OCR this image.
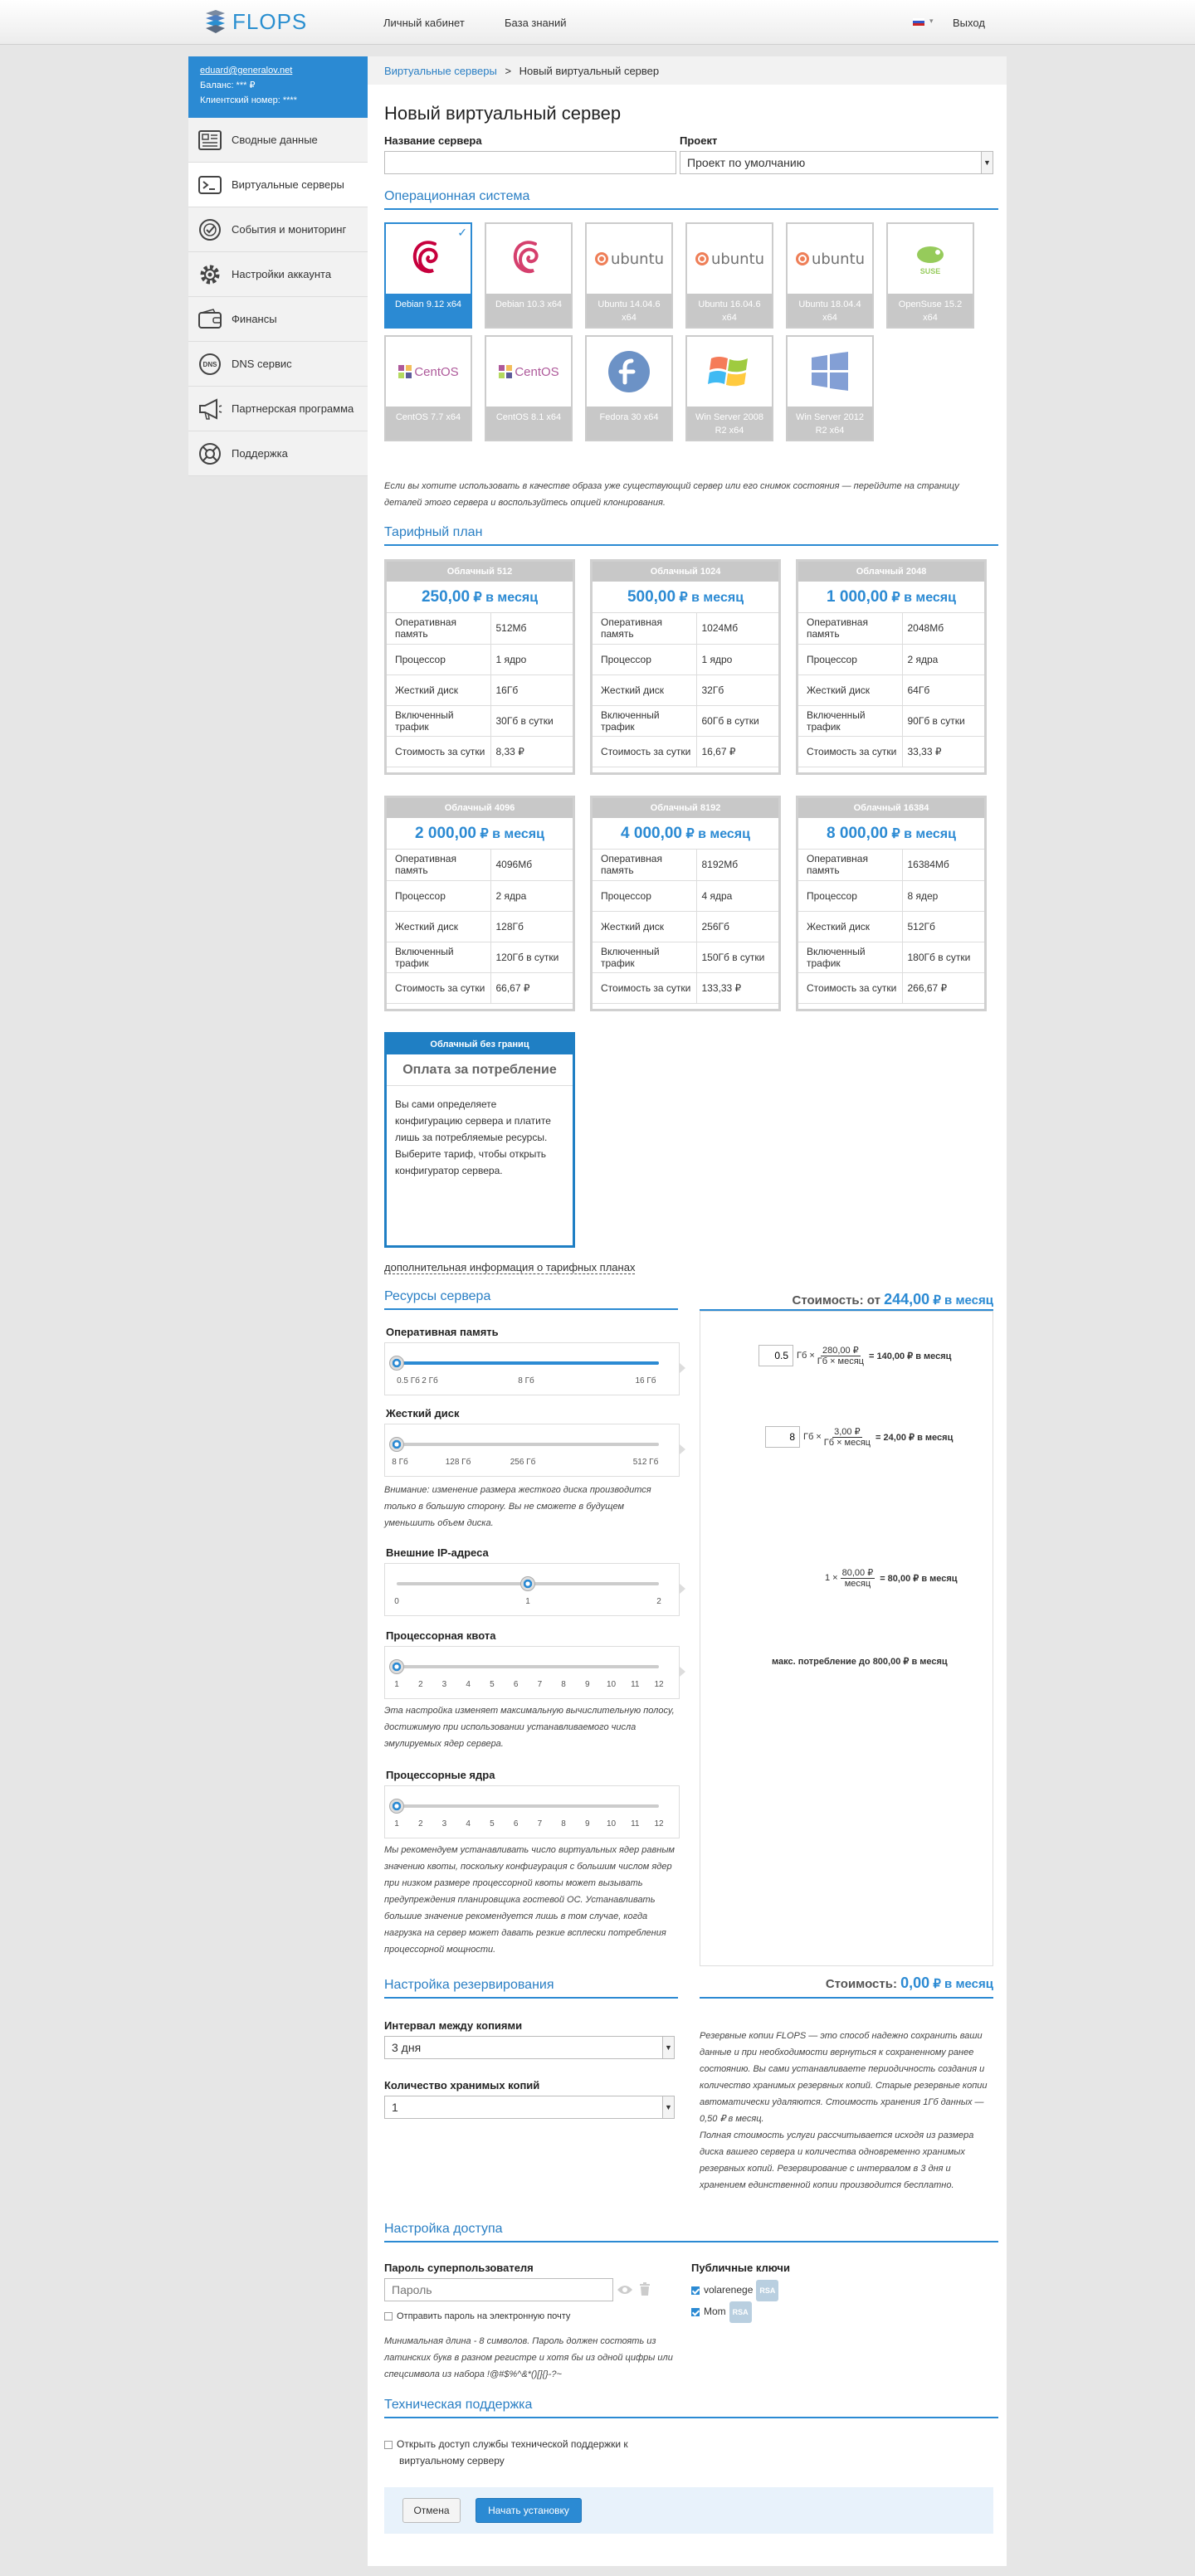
FLOPS	Личный кабинет	База знаний	▾ Выход
eduard@generalov.net
Баланс: *** ₽
Клиентский номер: ****
Сводные данные
Виртуальные серверы
События и мониторинг
Настройки аккаунта
Финансы
DNS DNS сервис
Партнерская программа
Поддержка
Виртуальные серверы > Новый виртуальный сервер
Новый виртуальный сервер
Название сервера	Проект
Проект по умолчанию	▼
Операционная система
Debian 9.12 x64
✓
Debian 10.3 x64
ubuntu
Ubuntu 14.04.6
x64
ubuntu
Ubuntu 16.04.6
x64
ubuntu
Ubuntu 18.04.4
x64
SUSE
OpenSuse 15.2
x64
CentOS
CentOS 7.7 x64
CentOS
CentOS 8.1 x64	Fedora 30 x64	Win Server 2008
R2 x64
Win Server 2012
R2 x64
Если вы хотите использовать в качестве образа уже существующий сервер или его снимок состояния — перейдите на страницу деталей этого сервера и воспользуйтесь опцией клонирования.
Тарифный план
Облачный 512
250,00 ₽ в месяц
Оперативная память	512Мб
Процессор	1 ядро
Жесткий диск	16Гб
Включенный трафик	30Гб в сутки
Стоимость за сутки	8,33 ₽
Облачный 1024
500,00 ₽ в месяц
Оперативная память	1024Мб
Процессор	1 ядро
Жесткий диск	32Гб
Включенный трафик	60Гб в сутки
Стоимость за сутки	16,67 ₽
Облачный 2048
1 000,00 ₽ в месяц
Оперативная память	2048Мб
Процессор	2 ядра
Жесткий диск	64Гб
Включенный трафик	90Гб в сутки
Стоимость за сутки	33,33 ₽
Облачный 4096
2 000,00 ₽ в месяц
Оперативная память	4096Мб
Процессор	2 ядра
Жесткий диск	128Гб
Включенный трафик	120Гб в сутки
Стоимость за сутки	66,67 ₽
Облачный 8192
4 000,00 ₽ в месяц
Оперативная память	8192Мб
Процессор	4 ядра
Жесткий диск	256Гб
Включенный трафик	150Гб в сутки
Стоимость за сутки	133,33 ₽
Облачный 16384
8 000,00 ₽ в месяц
Оперативная память	16384Мб
Процессор	8 ядер
Жесткий диск	512Гб
Включенный трафик	180Гб в сутки
Стоимость за сутки	266,67 ₽
Облачный без границ
Оплата за потребление
Вы сами определяете конфигурацию сервера и платите лишь за потребляемые ресурсы. Выберите тариф, чтобы открыть конфигуратор сервера.
дополнительная информация о тарифных планах
Ресурсы сервера	Стоимость: от 244,00 ₽ в месяц
Оперативная память
0.5 Гб 2 Гб	8 Гб	16 Гб
Жесткий диск
8 Гб	128 Гб	256 Гб	512 Гб
Внимание: изменение размера жесткого диска производится только в большую сторону. Вы не сможете в будущем уменьшить объем диска.
Внешние IP-адреса
0	1	2
Процессорная квота
1 2 3 4 5 6 7 8 9 10 11 12
Эта настройка изменяет максимальную вычислительную полосу, достижимую при использовании устанавливаемого числа эмулируемых ядер сервера.
Процессорные ядра
1 2 3 4 5 6 7 8 9 10 11 12
Мы рекомендуем устанавливать число виртуальных ядер равным значению квоты, поскольку конфигурация с большим числом ядер при низком размере процессорной квоты может вызывать предупреждения планировщика гостевой ОС. Устанавливать большие значение рекомендуется лишь в том случае, когда нагрузка на сервер может давать резкие всплески потребления процессорной мощности.
0.5
Гб × 280,00 ₽
Гб × месяц
= 140,00 ₽ в месяц
8
Гб × 3,00 ₽
Гб × месяц
= 24,00 ₽ в месяц
1 × 80,00 ₽
месяц
= 80,00 ₽ в месяц
макс. потребление до 800,00 ₽ в месяц
Настройка резервирования	Стоимость: 0,00 ₽ в месяц
Интервал между копиями
3 дня	▼
Количество хранимых копий
1	▼
Резервные копии FLOPS — это способ надежно сохранить ваши данные и при необходимости вернуться к сохраненному ранее состоянию. Вы сами устанавливаете периодичность создания и количество хранимых резервных копий. Старые резервные копии автоматически удаляются. Стоимость хранения 1Гб данных — 0,50 ₽ в месяц.
Полная стоимость услуги рассчитывается исходя из размера диска вашего сервера и количества одновременно хранимых резервных копий. Резервирование с интервалом в 3 дня и хранением единственной копии производится бесплатно.
Настройка доступа
Пароль суперпользователя
Пароль
Отправить пароль на электронную почту
Минимальная длина - 8 символов. Пароль должен состоять из латинских букв в разном регистре и хотя бы из одной цифры или спецсимвола из набора !@#$%^&*()[]{}-?~
Публичные ключи
volarenege RSA
Mom RSA
Техническая поддержка
Открыть доступ службы технической поддержки к виртуальному серверу
Отмена	Начать установку
